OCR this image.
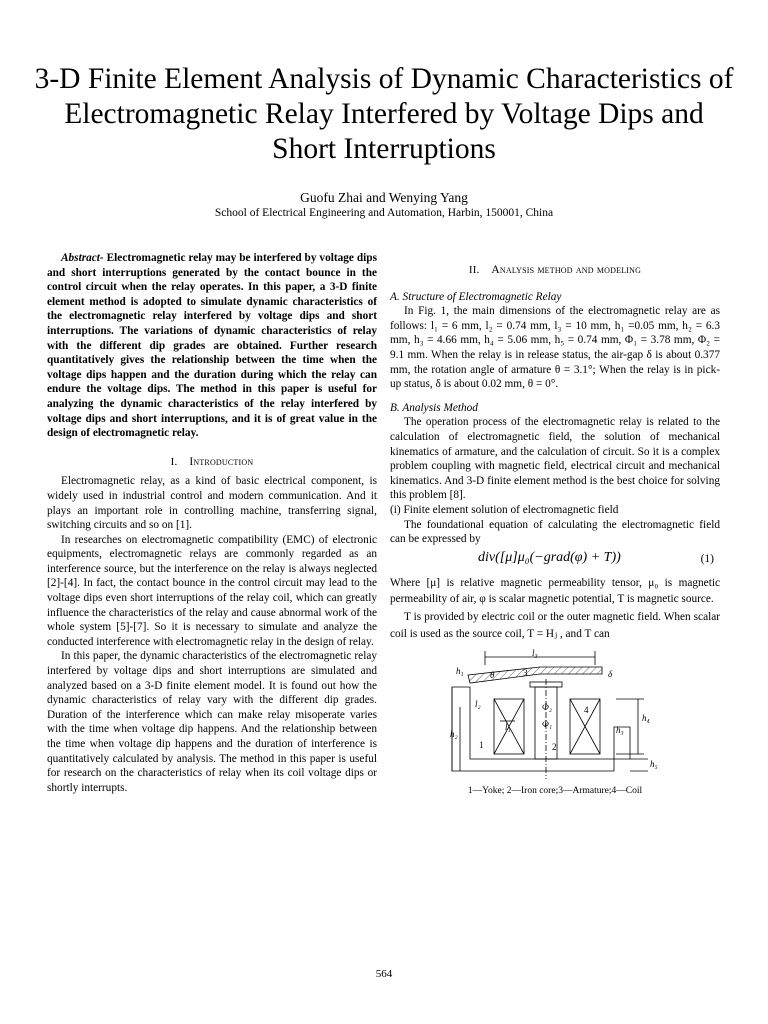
3-D Finite Element Analysis of Dynamic Characteristics of Electromagnetic Relay Interfered by Voltage Dips and Short Interruptions
Guofu Zhai and Wenying Yang
School of Electrical Engineering and Automation, Harbin, 150001, China

Abstract- Electromagnetic relay may be interfered by voltage dips and short interruptions generated by the contact bounce in the control circuit when the relay operates. In this paper, a 3-D finite element method is adopted to simulate dynamic characteristics of the electromagnetic relay interfered by voltage dips and short interruptions. The variations of dynamic characteristics of relay with the different dip grades are obtained. Further research quantitatively gives the relationship between the time when the voltage dips happen and the duration during which the relay can endure the voltage dips. The method in this paper is useful for analyzing the dynamic characteristics of the relay interfered by voltage dips and short interruptions, and it is of great value in the design of electromagnetic relay.

I. Introduction

Electromagnetic relay, as a kind of basic electrical component, is widely used in industrial control and modern communication. And it plays an important role in controlling machine, transferring signal, switching circuits and so on [1].

In researches on electromagnetic compatibility (EMC) of electronic equipments, electromagnetic relays are commonly regarded as an interference source, but the interference on the relay is always neglected [2]-[4]. In fact, the contact bounce in the control circuit may lead to the voltage dips even short interruptions of the relay coil, which can greatly influence the characteristics of the relay and cause abnormal work of the whole system [5]-[7]. So it is necessary to simulate and analyze the conducted interference with electromagnetic relay in the design of relay.

In this paper, the dynamic characteristics of the electromagnetic relay interfered by voltage dips and short interruptions are simulated and analyzed based on a 3-D finite element model. It is found out how the dynamic characteristics of relay vary with the different dip grades. Duration of the interference which can make relay misoperate varies with the time when voltage dip happens. And the relationship between the time when voltage dip happens and the duration of interference is quantitatively calculated by analysis. The method in this paper is useful for research on the characteristics of relay when its coil voltage dips or shortly interrupts.

II. Analysis method and modeling

A. Structure of Electromagnetic Relay

In Fig. 1, the main dimensions of the electromagnetic relay are as follows: l₁ = 6 mm, l₂ = 0.74 mm, l₃ = 10 mm, h₁ =0.05 mm, h₂ = 6.3 mm, h₃ = 4.66 mm, h₄ = 5.06 mm, h₅ = 0.74 mm, Φ₁ = 3.78 mm, Φ₂ = 9.1 mm. When the relay is in release status, the air-gap δ is about 0.377 mm, the rotation angle of armature θ = 3.1°; When the relay is in pick-up status, δ is about 0.02 mm, θ = 0°.

B. Analysis Method

The operation process of the electromagnetic relay is related to the calculation of electromagnetic field, the solution of mechanical kinematics of armature, and the calculation of circuit. So it is a complex problem coupling with magnetic field, electrical circuit and mechanical kinematics. And 3-D finite element method is the best choice for solving this problem [8].

(i) Finite element solution of electromagnetic field

The foundational equation of calculating the electromagnetic field can be expressed by

div([μ]μ₀(−grad(φ) + T))	(1)

Where [μ] is relative magnetic permeability tensor, μ₀ is magnetic permeability of air, φ is scalar magnetic potential, T is magnetic source.

T is provided by electric coil or the outer magnetic field. When scalar coil is used as the source coil, T = Hⱼ , and T can

l₃
h₁	θ	3	δ
l₂
h₂
Φ₂
Φ₁
1	2
4
l₁	h₃
h₄
h₅
1—Yoke; 2—Iron core;3—Armature;4—Coil
564
